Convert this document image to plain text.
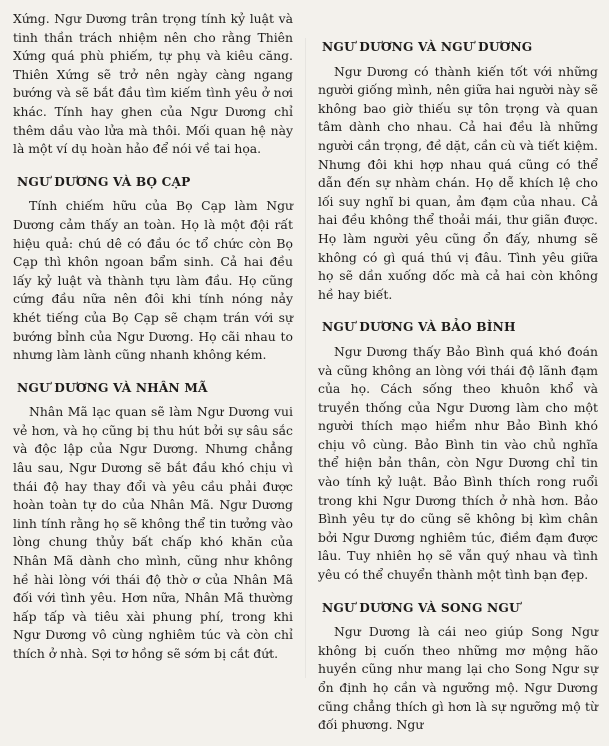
Xứng. Ngư Dương trân trọng tính kỷ luật và tinh thần trách nhiệm nên cho rằng Thiên Xứng quá phù phiếm, tự phụ và kiêu căng. Thiên Xứng sẽ trở nên ngày càng ngang bướng và sẽ bắt đầu tìm kiếm tình yêu ở nơi khác. Tính hay ghen của Ngư Dương chỉ thêm dầu vào lửa mà thôi. Mối quan hệ này là một ví dụ hoàn hảo để nói về tai họa.

NGƯ DƯƠNG VÀ BỌ CẠP

Tính chiếm hữu của Bọ Cạp làm Ngư Dương cảm thấy an toàn. Họ là một đội rất hiệu quả: chú dê có đầu óc tổ chức còn Bọ Cạp thì khôn ngoan bẩm sinh. Cả hai đều lấy kỷ luật và thành tựu làm đầu. Họ cũng cứng đầu nữa nên đôi khi tính nóng nảy khét tiếng của Bọ Cạp sẽ chạm trán với sự bướng bỉnh của Ngư Dương. Họ cãi nhau to nhưng làm lành cũng nhanh không kém.

NGƯ DƯƠNG VÀ NHÂN MÃ

Nhân Mã lạc quan sẽ làm Ngư Dương vui vẻ hơn, và họ cũng bị thu hút bởi sự sâu sắc và độc lập của Ngư Dương. Nhưng chẳng lâu sau, Ngư Dương sẽ bắt đầu khó chịu vì thái độ hay thay đổi và yêu cầu phải được hoàn toàn tự do của Nhân Mã. Ngư Dương linh tính rằng họ sẽ không thể tin tưởng vào lòng chung thủy bất chấp khó khăn của Nhân Mã dành cho mình, cũng như không hề hài lòng với thái độ thờ ơ của Nhân Mã đối với tình yêu. Hơn nữa, Nhân Mã thường hấp tấp và tiêu xài phung phí, trong khi Ngư Dương vô cùng nghiêm túc và còn chỉ thích ở nhà. Sợi tơ hồng sẽ sớm bị cắt đứt.

NGƯ DƯƠNG VÀ NGƯ DƯƠNG

Ngư Dương có thành kiến tốt với những người giống mình, nên giữa hai người này sẽ không bao giờ thiếu sự tôn trọng và quan tâm dành cho nhau. Cả hai đều là những người cần trọng, đề dặt, cần cù và tiết kiệm. Nhưng đôi khi hợp nhau quá cũng có thể dẫn đến sự nhàm chán. Họ dễ khích lệ cho lối suy nghĩ bi quan, ảm đạm của nhau. Cả hai đều không thể thoải mái, thư giãn được. Họ làm người yêu cũng ổn đấy, nhưng sẽ không có gì quá thú vị đâu. Tình yêu giữa họ sẽ dần xuống dốc mà cả hai còn không hề hay biết.

NGƯ DƯƠNG VÀ BẢO BÌNH

Ngư Dương thấy Bảo Bình quá khó đoán và cũng không an lòng với thái độ lãnh đạm của họ. Cách sống theo khuôn khổ và truyền thống của Ngư Dương làm cho một người thích mạo hiểm như Bảo Bình khó chịu vô cùng. Bảo Bình tin vào chủ nghĩa thể hiện bản thân, còn Ngư Dương chỉ tin vào tính kỷ luật. Bảo Bình thích rong ruổi trong khi Ngư Dương thích ở nhà hơn. Bảo Bình yêu tự do cũng sẽ không bị kìm chân bởi Ngư Dương nghiêm túc, điềm đạm được lâu. Tuy nhiên họ sẽ vẫn quý nhau và tình yêu có thể chuyển thành một tình bạn đẹp.

NGƯ DƯƠNG VÀ SONG NGƯ

Ngư Dương là cái neo giúp Song Ngư không bị cuốn theo những mơ mộng hão huyền cũng như mang lại cho Song Ngư sự ổn định họ cần và ngưỡng mộ. Ngư Dương cũng chẳng thích gì hơn là sự ngưỡng mộ từ đối phương. Ngư
